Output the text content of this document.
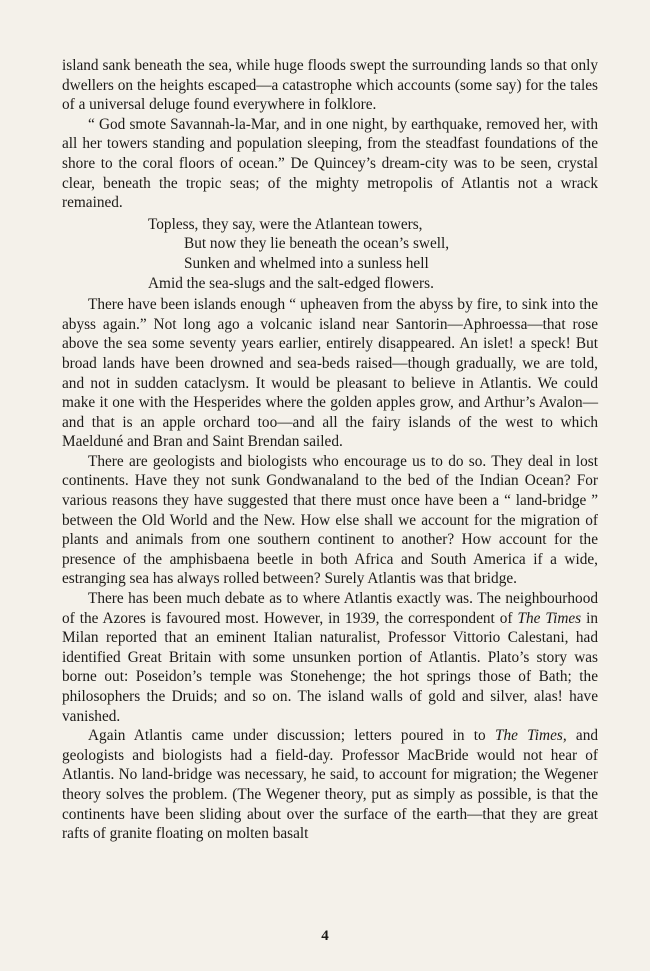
island sank beneath the sea, while huge floods swept the surrounding lands so that only dwellers on the heights escaped—a catastrophe which accounts (some say) for the tales of a universal deluge found everywhere in folklore.

“ God smote Savannah-la-Mar, and in one night, by earthquake, removed her, with all her towers standing and population sleeping, from the steadfast foundations of the shore to the coral floors of ocean.” De Quincey’s dream-city was to be seen, crystal clear, beneath the tropic seas; of the mighty metropolis of Atlantis not a wrack remained.

Topless, they say, were the Atlantean towers,
But now they lie beneath the ocean’s swell,
Sunken and whelmed into a sunless hell
Amid the sea-slugs and the salt-edged flowers.

There have been islands enough “ upheaven from the abyss by fire, to sink into the abyss again.” Not long ago a volcanic island near Santorin—Aphroessa—that rose above the sea some seventy years earlier, entirely disappeared. An islet! a speck! But broad lands have been drowned and sea-beds raised—though gradually, we are told, and not in sudden cataclysm. It would be pleasant to believe in Atlantis. We could make it one with the Hesperides where the golden apples grow, and Arthur’s Avalon—and that is an apple orchard too—and all the fairy islands of the west to which Maelduné and Bran and Saint Brendan sailed.

There are geologists and biologists who encourage us to do so. They deal in lost continents. Have they not sunk Gondwanaland to the bed of the Indian Ocean? For various reasons they have suggested that there must once have been a “ land-bridge ” between the Old World and the New. How else shall we account for the migration of plants and animals from one southern continent to another? How account for the presence of the amphisbaena beetle in both Africa and South America if a wide, estranging sea has always rolled between? Surely Atlantis was that bridge.

There has been much debate as to where Atlantis exactly was. The neighbourhood of the Azores is favoured most. However, in 1939, the correspondent of The Times in Milan reported that an eminent Italian naturalist, Professor Vittorio Calestani, had identified Great Britain with some unsunken portion of Atlantis. Plato’s story was borne out: Poseidon’s temple was Stonehenge; the hot springs those of Bath; the philosophers the Druids; and so on. The island walls of gold and silver, alas! have vanished.

Again Atlantis came under discussion; letters poured in to The Times, and geologists and biologists had a field-day. Professor MacBride would not hear of Atlantis. No land-bridge was necessary, he said, to account for migration; the Wegener theory solves the problem. (The Wegener theory, put as simply as possible, is that the continents have been sliding about over the surface of the earth—that they are great rafts of granite floating on molten basalt

4
